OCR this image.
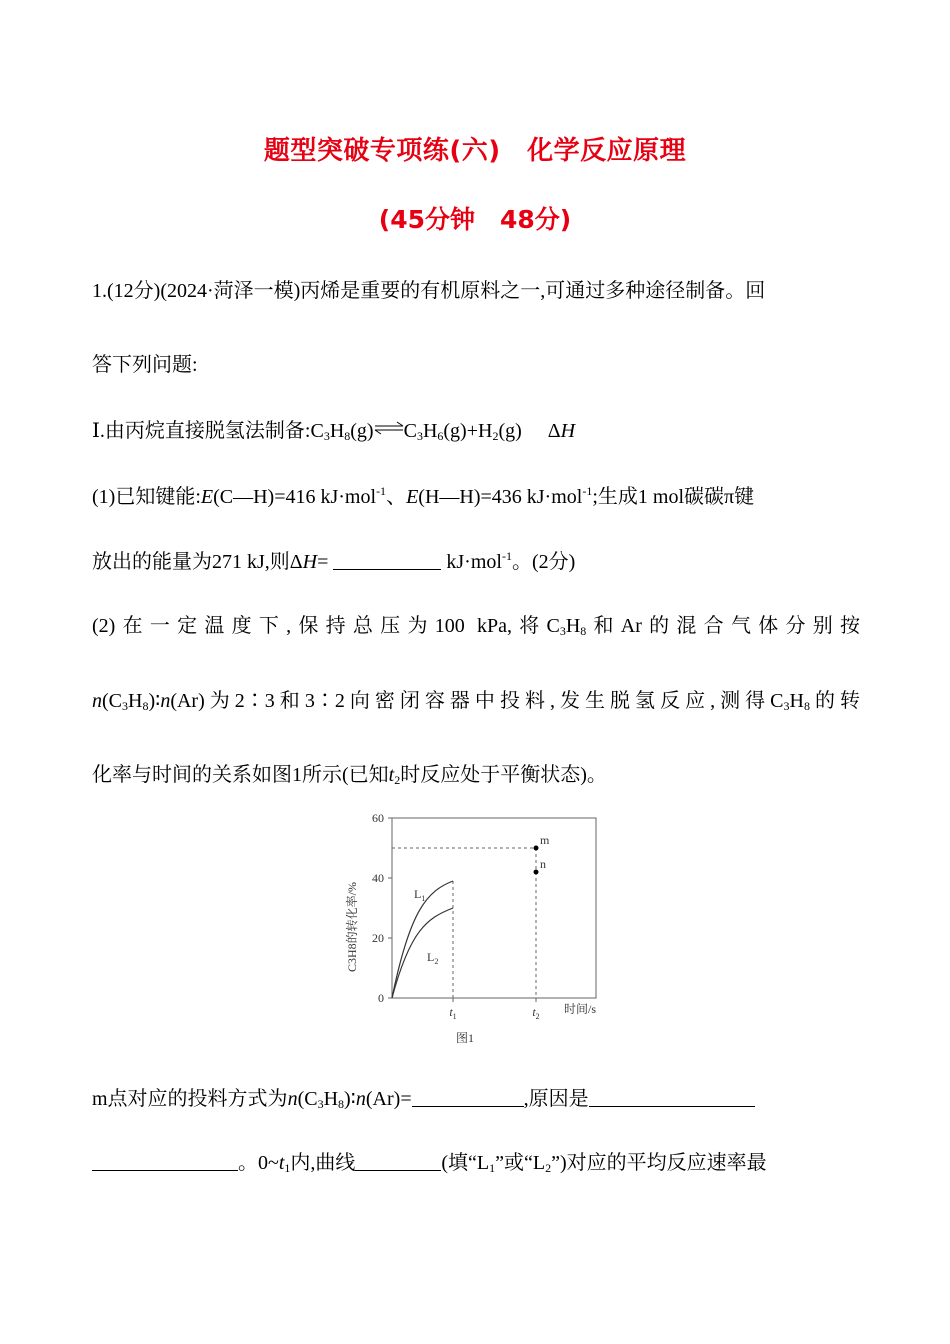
题型突破专项练(六)　化学反应原理
(45分钟　48分)
1.(12分)(2024·菏泽一模)丙烯是重要的有机原料之一,可通过多种途径制备。回
答下列问题:
Ⅰ.由丙烷直接脱氢法制备$:C_3H_8(g)\rightleftharpoons C_3H_6(g)+H_2(g)$ ΔH
(1)已知键能:E(C—H)=416 kJ·mol$^{-1}$、E(H—H)=436 kJ·mol$^{-1}$;生成1 mol碳碳π键
放出的能量为271 kJ,则ΔH=	kJ·mol$^{-1}$。(2分)
(2)在一定温度下,保持总压为100 kPa,将$C_3H_8$和Ar的混合气体分别按
$n(C_3H_8)∶n(Ar)$为2∶3和3∶2向密闭容器中投料,发生脱氢反应,测得$C_3H_8$的转
化率与时间的关系如图1所示(已知$t_2$时反应处于平衡状态)。
0
20
40
60
C3H8的转化率/%	$L_1$
$L_2$
m
n
$t_1$	$t_2$
时间/s
图1
m点对应的投料方式为$n(C_3H_8)∶n(Ar)=$	,原因是
。$0\sim t_1$内,曲线	(填“$L_1$”或“$L_2$”)对应的平均反应速率最
